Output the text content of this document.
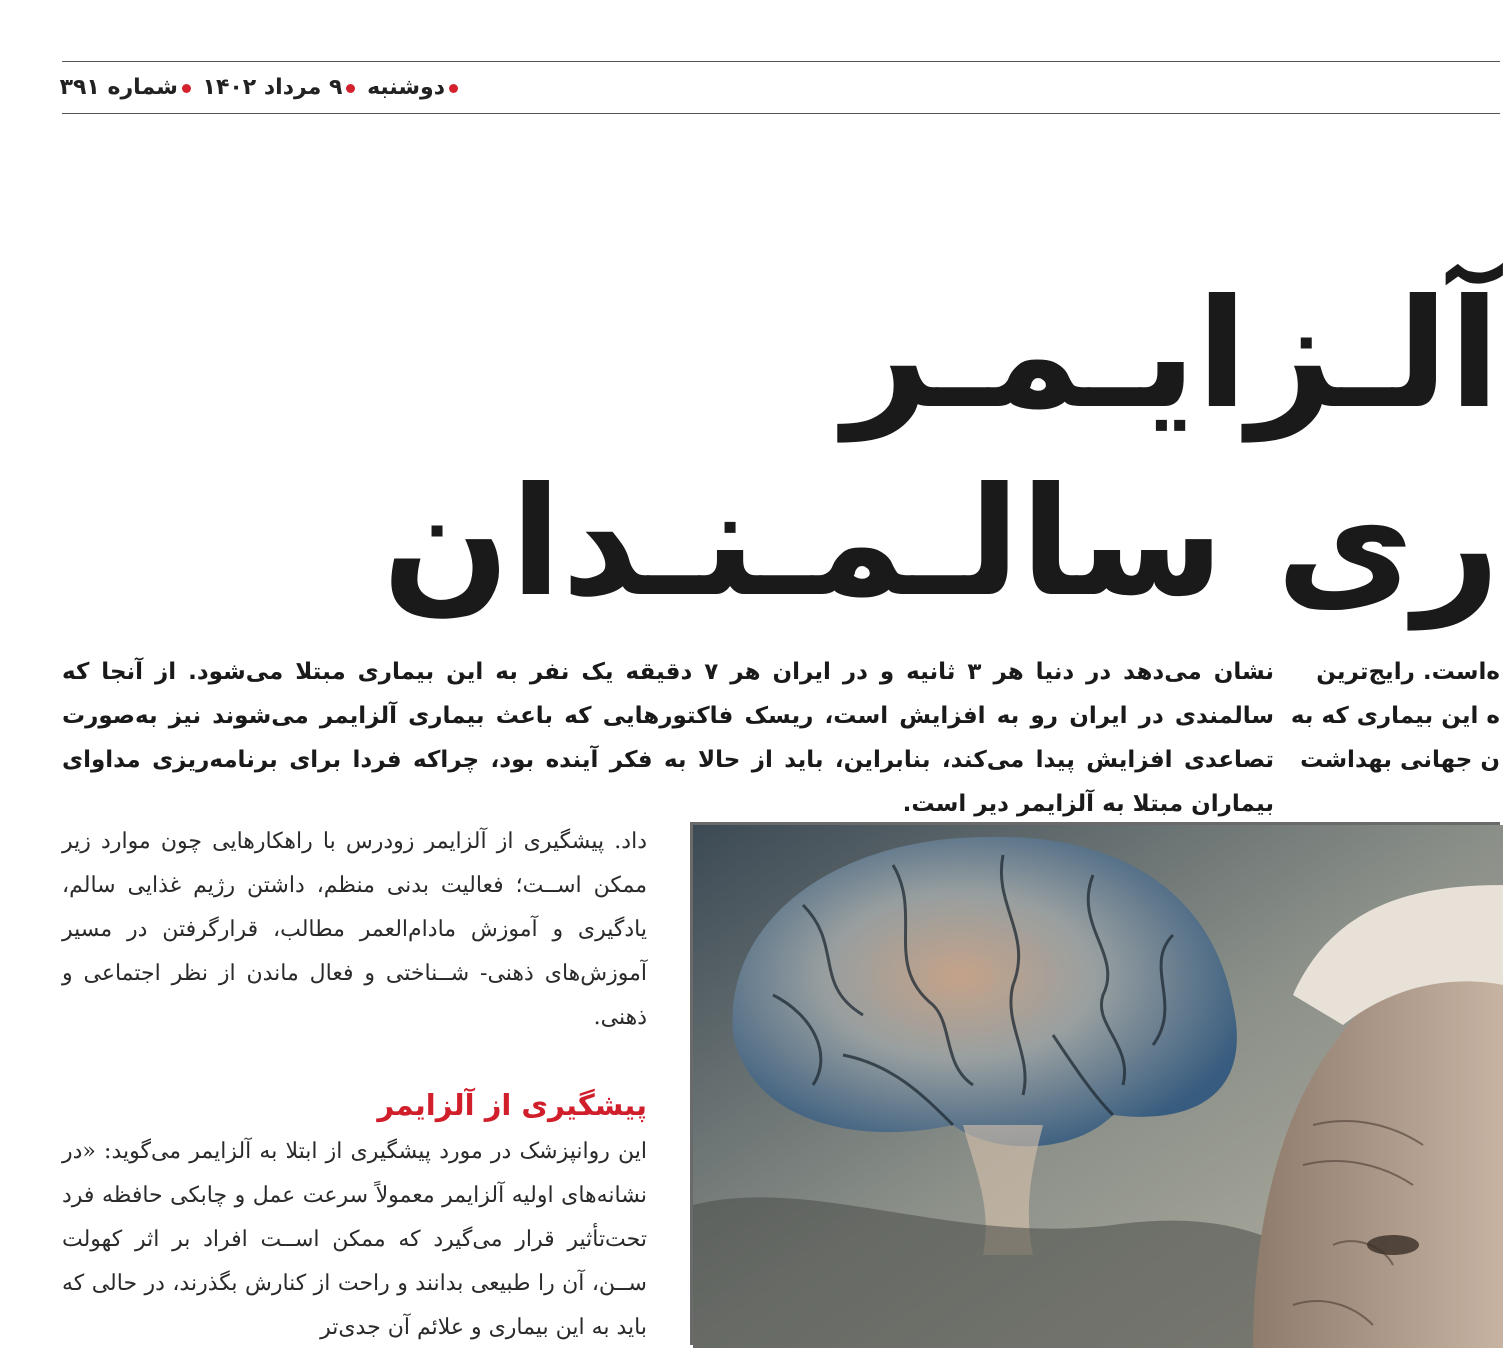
دوشنبه ۹ مرداد ۱۴۰۲ شماره ۳۹۱
آلـزایـمـر
ری سالـمـنـدان
نشان می‌دهد در دنیا هر ۳ ثانیه و در ایران هر ۷ دقیقه یک نفر به این بیماری مبتلا می‌شود. از آنجا که سالمندی در ایران رو به افزایش است، ریسک فاکتورهایی که باعث بیماری آلزایمر می‌شوند نیز به‌صورت تصاعدی افزایش پیدا می‌کند، بنابراین، باید از حالا به فکر آینده بود، چراکه فردا برای برنامه‌ریزی مداوای بیماران مبتلا به آلزایمر دیر است.
ه‌است. رایج‌ترین
ه این بیماری که به
ن جهانی بهداشت
داد. پیشگیری از آلزایمر زودرس با راهکارهایی چون موارد زیر ممکن اســت؛ فعالیت بدنی منظم، داشتن رژیم غذایی سالم، یادگیری و آموزش مادام‌العمر مطالب، قرارگرفتن در مسیر آموزش‌های ذهنی- شــناختی و فعال ماندن از نظر اجتماعی و ذهنی.
پیشگیری از آلزایمر
این روانپزشک در مورد پیشگیری از ابتلا به آلزایمر می‌گوید: «در نشانه‌های اولیه آلزایمر معمولاً سرعت عمل و چابکی حافظه فرد تحت‌تأثیر قرار می‌گیرد که ممکن اســت افراد بر اثر کهولت ســن، آن را طبیعی بدانند و راحت از کنارش بگذرند، در حالی که باید به این بیماری و علائم آن جدی‌تر
